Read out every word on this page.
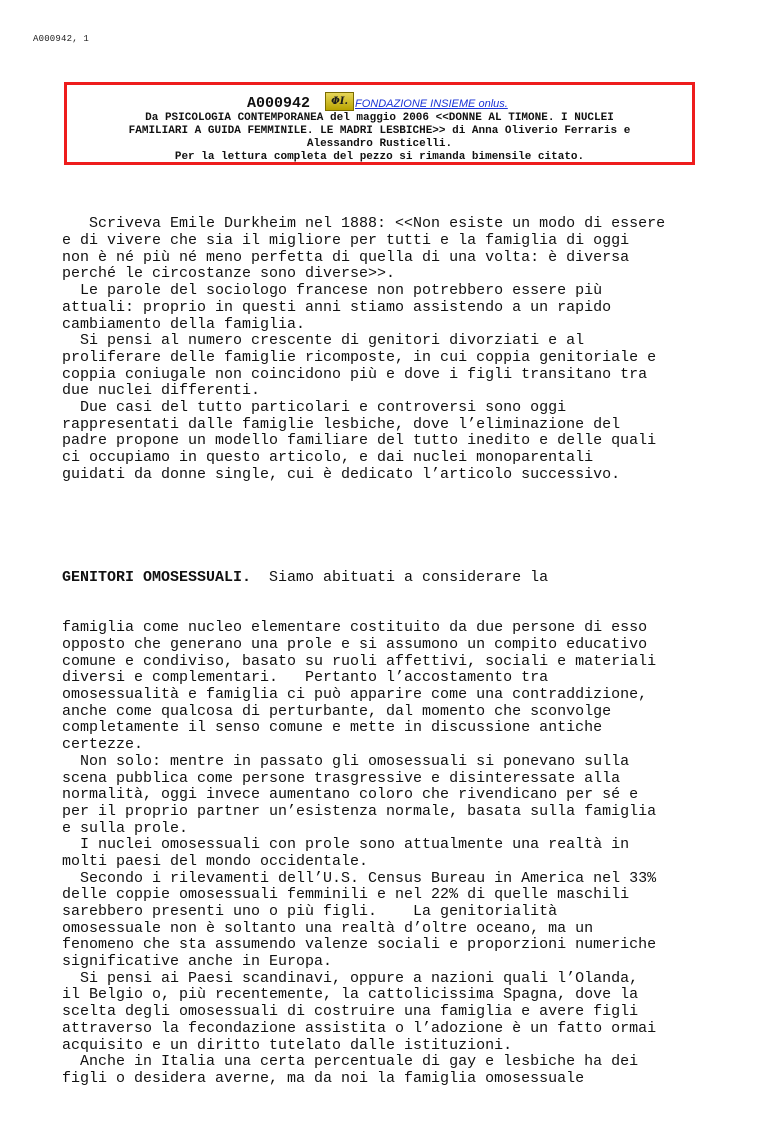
A000942, 1
A000942	ΦI. FONDAZIONE INSIEME onlus.
Da PSICOLOGIA CONTEMPORANEA del maggio 2006 <<DONNE AL TIMONE. I NUCLEI
FAMILIARI A GUIDA FEMMINILE. LE MADRI LESBICHE>> di Anna Oliverio Ferraris e
Alessandro Rusticelli.
Per la lettura completa del pezzo si rimanda bimensile citato.

Scriveva Emile Durkheim nel 1888: <<Non esiste un modo di essere
e di vivere che sia il migliore per tutti e la famiglia di oggi
non è né più né meno perfetta di quella di una volta: è diversa
perché le circostanze sono diverse>>.
Le parole del sociologo francese non potrebbero essere più
attuali: proprio in questi anni stiamo assistendo a un rapido
cambiamento della famiglia.
Si pensi al numero crescente di genitori divorziati e al
proliferare delle famiglie ricomposte, in cui coppia genitoriale e
coppia coniugale non coincidono più e dove i figli transitano tra
due nuclei differenti.
Due casi del tutto particolari e controversi sono oggi
rappresentati dalle famiglie lesbiche, dove l’eliminazione del
padre propone un modello familiare del tutto inedito e delle quali
ci occupiamo in questo articolo, e dai nuclei monoparentali
guidati da donne single, cui è dedicato l’articolo successivo.

GENITORI OMOSESSUALI.  Siamo abituati a considerare la

famiglia come nucleo elementare costituito da due persone di esso
opposto che generano una prole e si assumono un compito educativo
comune e condiviso, basato su ruoli affettivi, sociali e materiali
diversi e complementari.   Pertanto l’accostamento tra
omosessualità e famiglia ci può apparire come una contraddizione,
anche come qualcosa di perturbante, dal momento che sconvolge
completamente il senso comune e mette in discussione antiche
certezze.
Non solo: mentre in passato gli omosessuali si ponevano sulla
scena pubblica come persone trasgressive e disinteressate alla
normalità, oggi invece aumentano coloro che rivendicano per sé e
per il proprio partner un’esistenza normale, basata sulla famiglia
e sulla prole.
I nuclei omosessuali con prole sono attualmente una realtà in
molti paesi del mondo occidentale.
Secondo i rilevamenti dell’U.S. Census Bureau in America nel 33%
delle coppie omosessuali femminili e nel 22% di quelle maschili
sarebbero presenti uno o più figli.    La genitorialità
omosessuale non è soltanto una realtà d’oltre oceano, ma un
fenomeno che sta assumendo valenze sociali e proporzioni numeriche
significative anche in Europa.
Si pensi ai Paesi scandinavi, oppure a nazioni quali l’Olanda,
il Belgio o, più recentemente, la cattolicissima Spagna, dove la
scelta degli omosessuali di costruire una famiglia e avere figli
attraverso la fecondazione assistita o l’adozione è un fatto ormai
acquisito e un diritto tutelato dalle istituzioni.
Anche in Italia una certa percentuale di gay e lesbiche ha dei
figli o desidera averne, ma da noi la famiglia omosessuale
